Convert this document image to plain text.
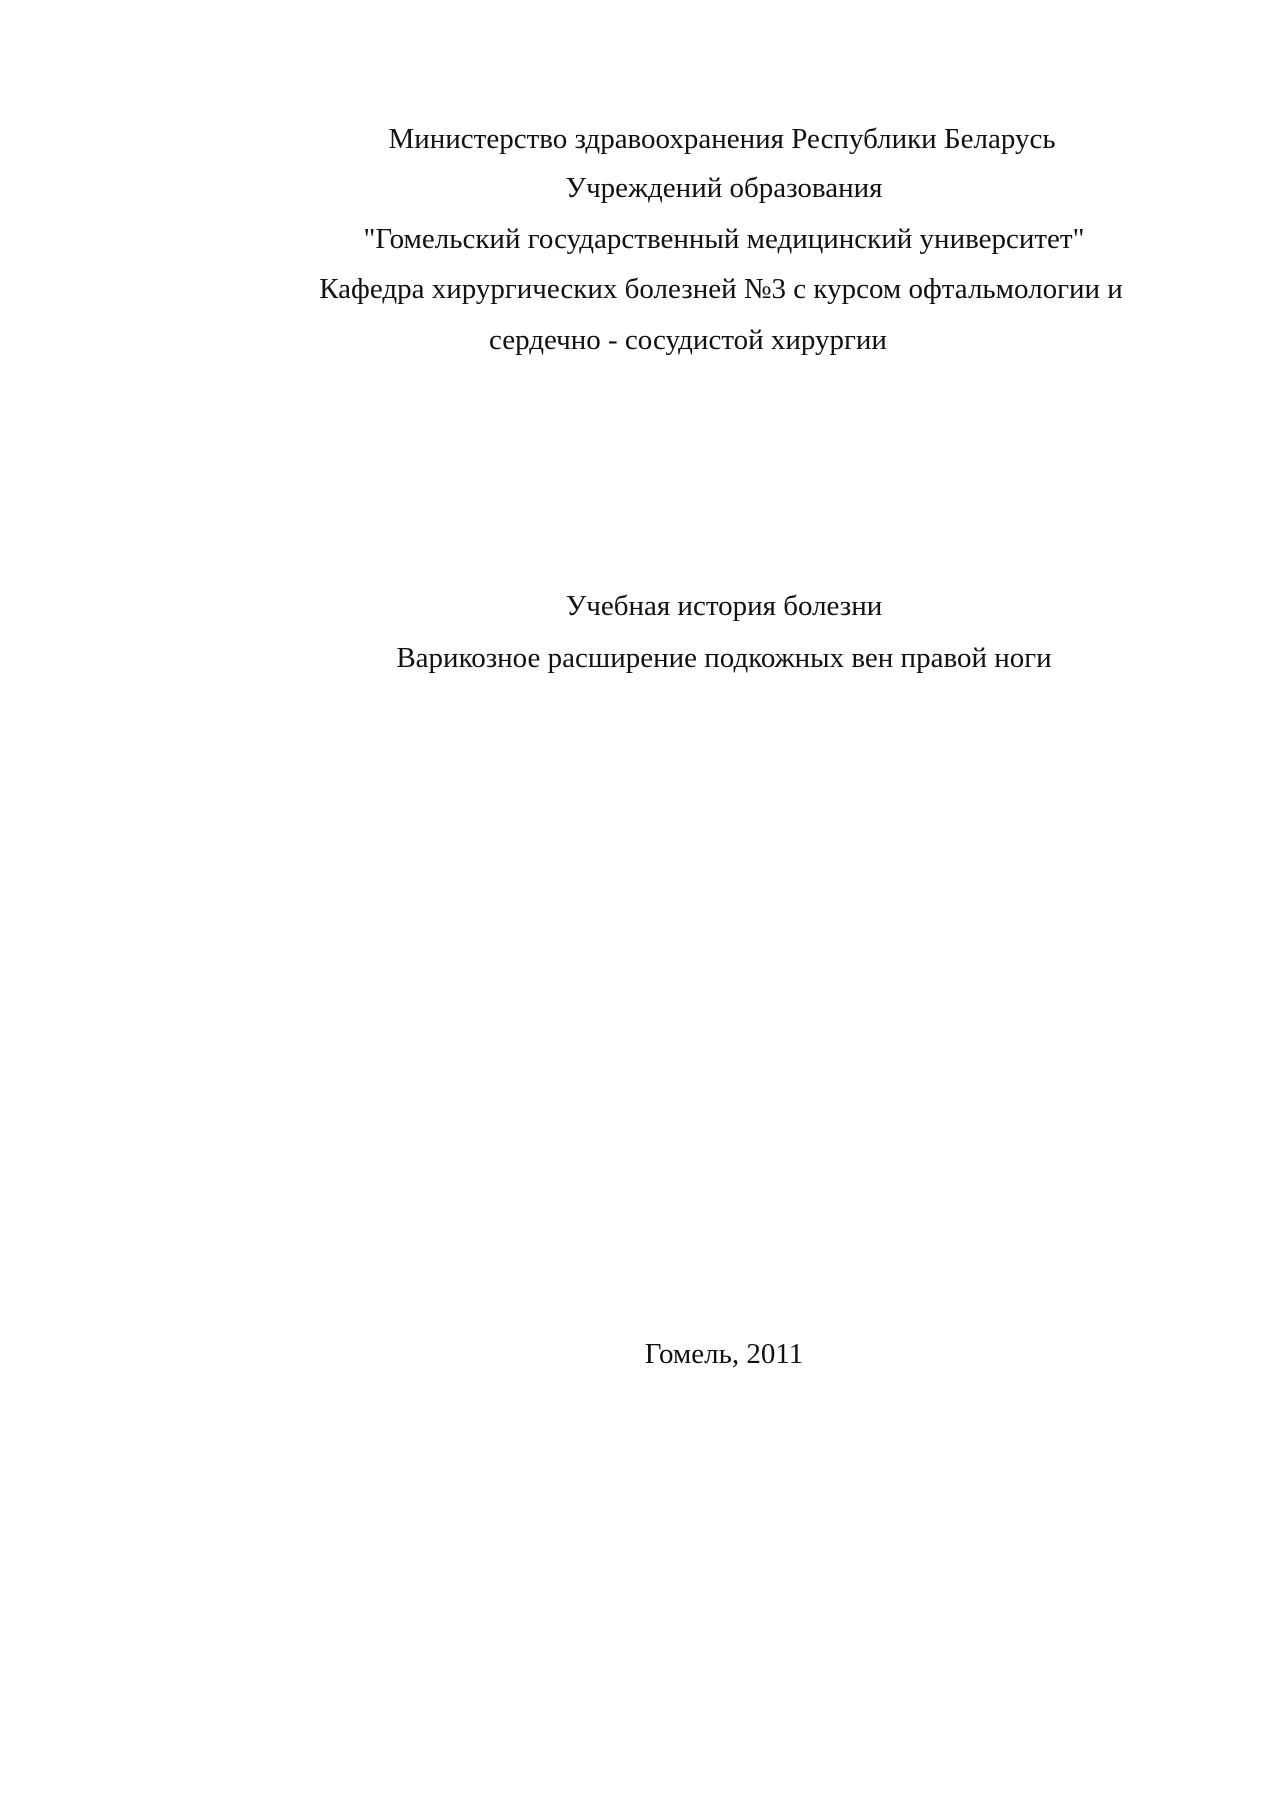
Министерство здравоохранения Республики Беларусь
Учреждений образования
"Гомельский государственный медицинский университет"
Кафедра хирургических болезней №3 с курсом офтальмологии и
сердечно - сосудистой хирургии
Учебная история болезни
Варикозное расширение подкожных вен правой ноги
Гомель, 2011
